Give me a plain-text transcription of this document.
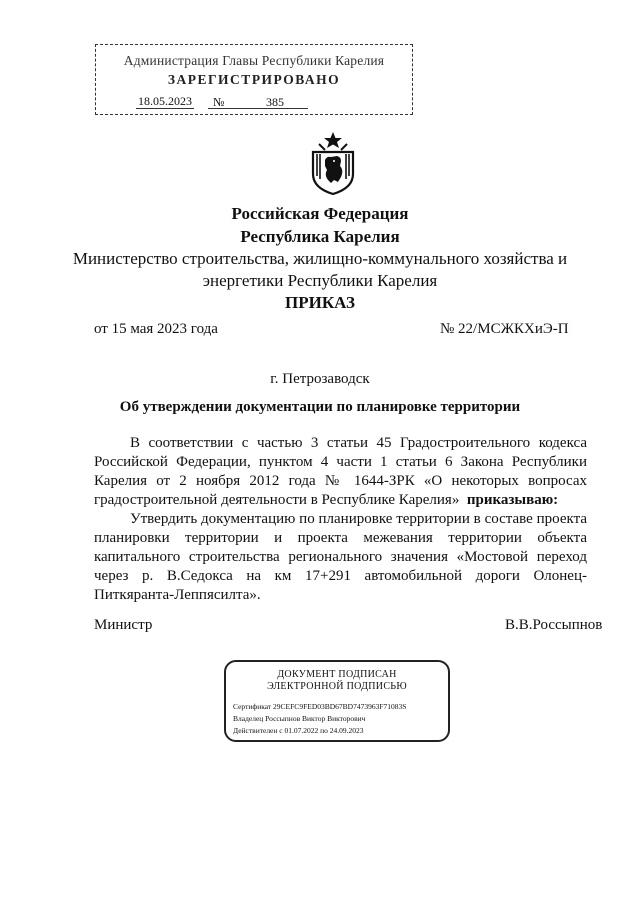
Администрация Главы Республики Карелия
ЗАРЕГИСТРИРОВАНО
18.05.2023 №	385
Российская Федерация
Республика Карелия
Министерство строительства, жилищно-коммунального хозяйства и
энергетики Республики Карелия
ПРИКАЗ
от 15 мая 2023 года	№ 22/МСЖКХиЭ-П
г. Петрозаводск
Об утверждении документации по планировке территории

В соответствии с частью 3 статьи 45 Градостроительного кодекса Российской Федерации, пунктом 4 части 1 статьи 6 Закона Республики Карелия от 2 ноября 2012 года № 1644-ЗРК «О некоторых вопросах градостроительной деятельности в Республике Карелия» приказываю:

Утвердить документацию по планировке территории в составе проекта планировки территории и проекта межевания территории объекта капитального строительства регионального значения «Мостовой переход через р. В.Седокса на км 17+291 автомобильной дороги Олонец-Питкяранта-Леппясилта».

Министр	В.В.Россыпнов
ДОКУМЕНТ ПОДПИСАН
ЭЛЕКТРОННОЙ ПОДПИСЬЮ
Сертификат 29CEFC9FED03BD67BD7473963F71083S
Владелец Россыпнов Виктор Викторович
Действителен с 01.07.2022 по 24.09.2023
